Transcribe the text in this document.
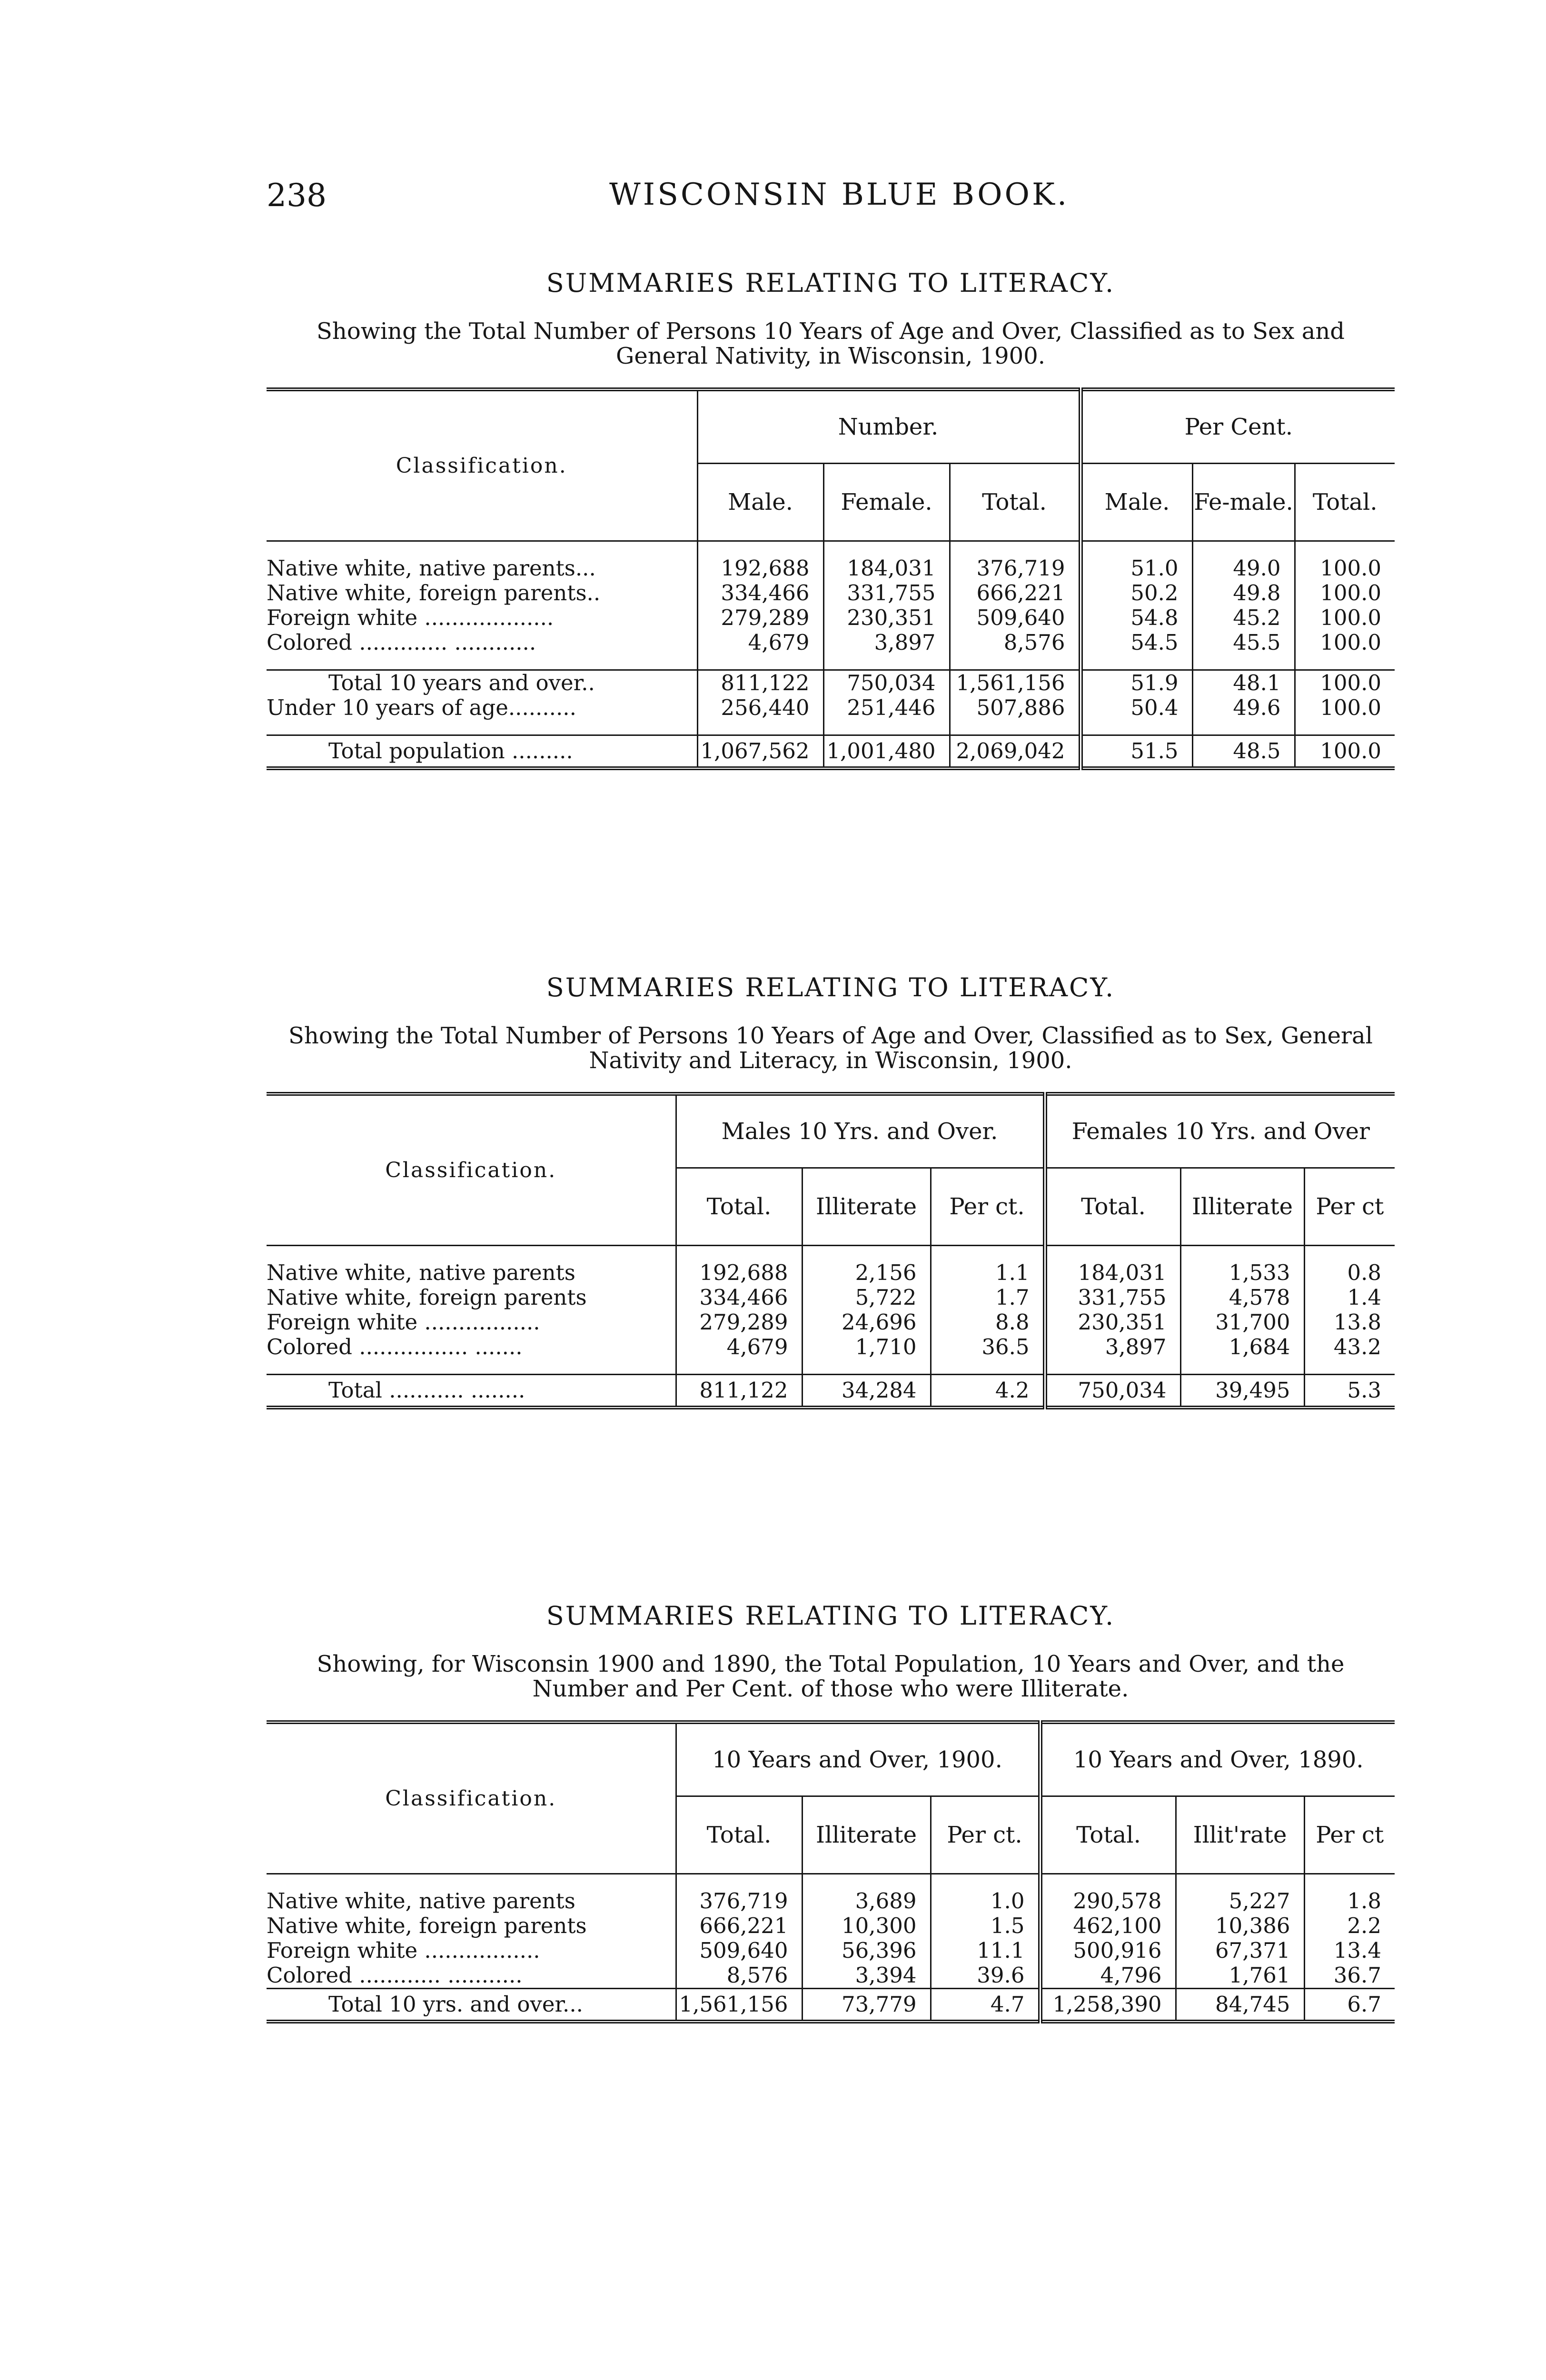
238	WISCONSIN BLUE BOOK.
SUMMARIES RELATING TO LITERACY.
Showing the Total Number of Persons 10 Years of Age and Over, Classified as to Sex and General Nativity, in Wisconsin, 1900.
Classification.	Number.			Per Cent.		
	Male.	Female.	Total.	Male.	Fe-male.	Total.

Native white, native parents...	192,688	184,031	376,719	51.0	49.0	100.0
Native white, foreign parents..	334,466	331,755	666,221	50.2	49.8	100.0
Foreign white ...................	279,289	230,351	509,640	54.8	45.2	100.0
Colored ............. ............	4,679	3,897	8,576	54.5	45.5	100.0

Total 10 years and over..	811,122	750,034	1,561,156	51.9	48.1	100.0
Under 10 years of age..........	256,440	251,446	507,886	50.4	49.6	100.0

Total population .........	1,067,562	1,001,480	2,069,042	51.5	48.5	100.0
SUMMARIES RELATING TO LITERACY.
Showing the Total Number of Persons 10 Years of Age and Over, Classified as to Sex, General Nativity and Literacy, in Wisconsin, 1900.
Classification.	Males 10 Yrs. and Over.			Females 10 Yrs. and Over		
	Total.	Illiterate	Per ct.	Total.	Illiterate	Per ct

Native white, native parents	192,688	2,156	1.1	184,031	1,533	0.8
Native white, foreign parents	334,466	5,722	1.7	331,755	4,578	1.4
Foreign white .................	279,289	24,696	8.8	230,351	31,700	13.8
Colored ................ .......	4,679	1,710	36.5	3,897	1,684	43.2

Total ........... ........	811,122	34,284	4.2	750,034	39,495	5.3
SUMMARIES RELATING TO LITERACY.
Showing, for Wisconsin 1900 and 1890, the Total Population, 10 Years and Over, and the Number and Per Cent. of those who were Illiterate.
Classification.	10 Years and Over, 1900.			10 Years and Over, 1890.		
	Total.	Illiterate	Per ct.	Total.	Illit'rate	Per ct

Native white, native parents	376,719	3,689	1.0	290,578	5,227	1.8
Native white, foreign parents	666,221	10,300	1.5	462,100	10,386	2.2
Foreign white .................	509,640	56,396	11.1	500,916	67,371	13.4
Colored ............ ...........	8,576	3,394	39.6	4,796	1,761	36.7
Total 10 yrs. and over...	1,561,156	73,779	4.7	1,258,390	84,745	6.7
